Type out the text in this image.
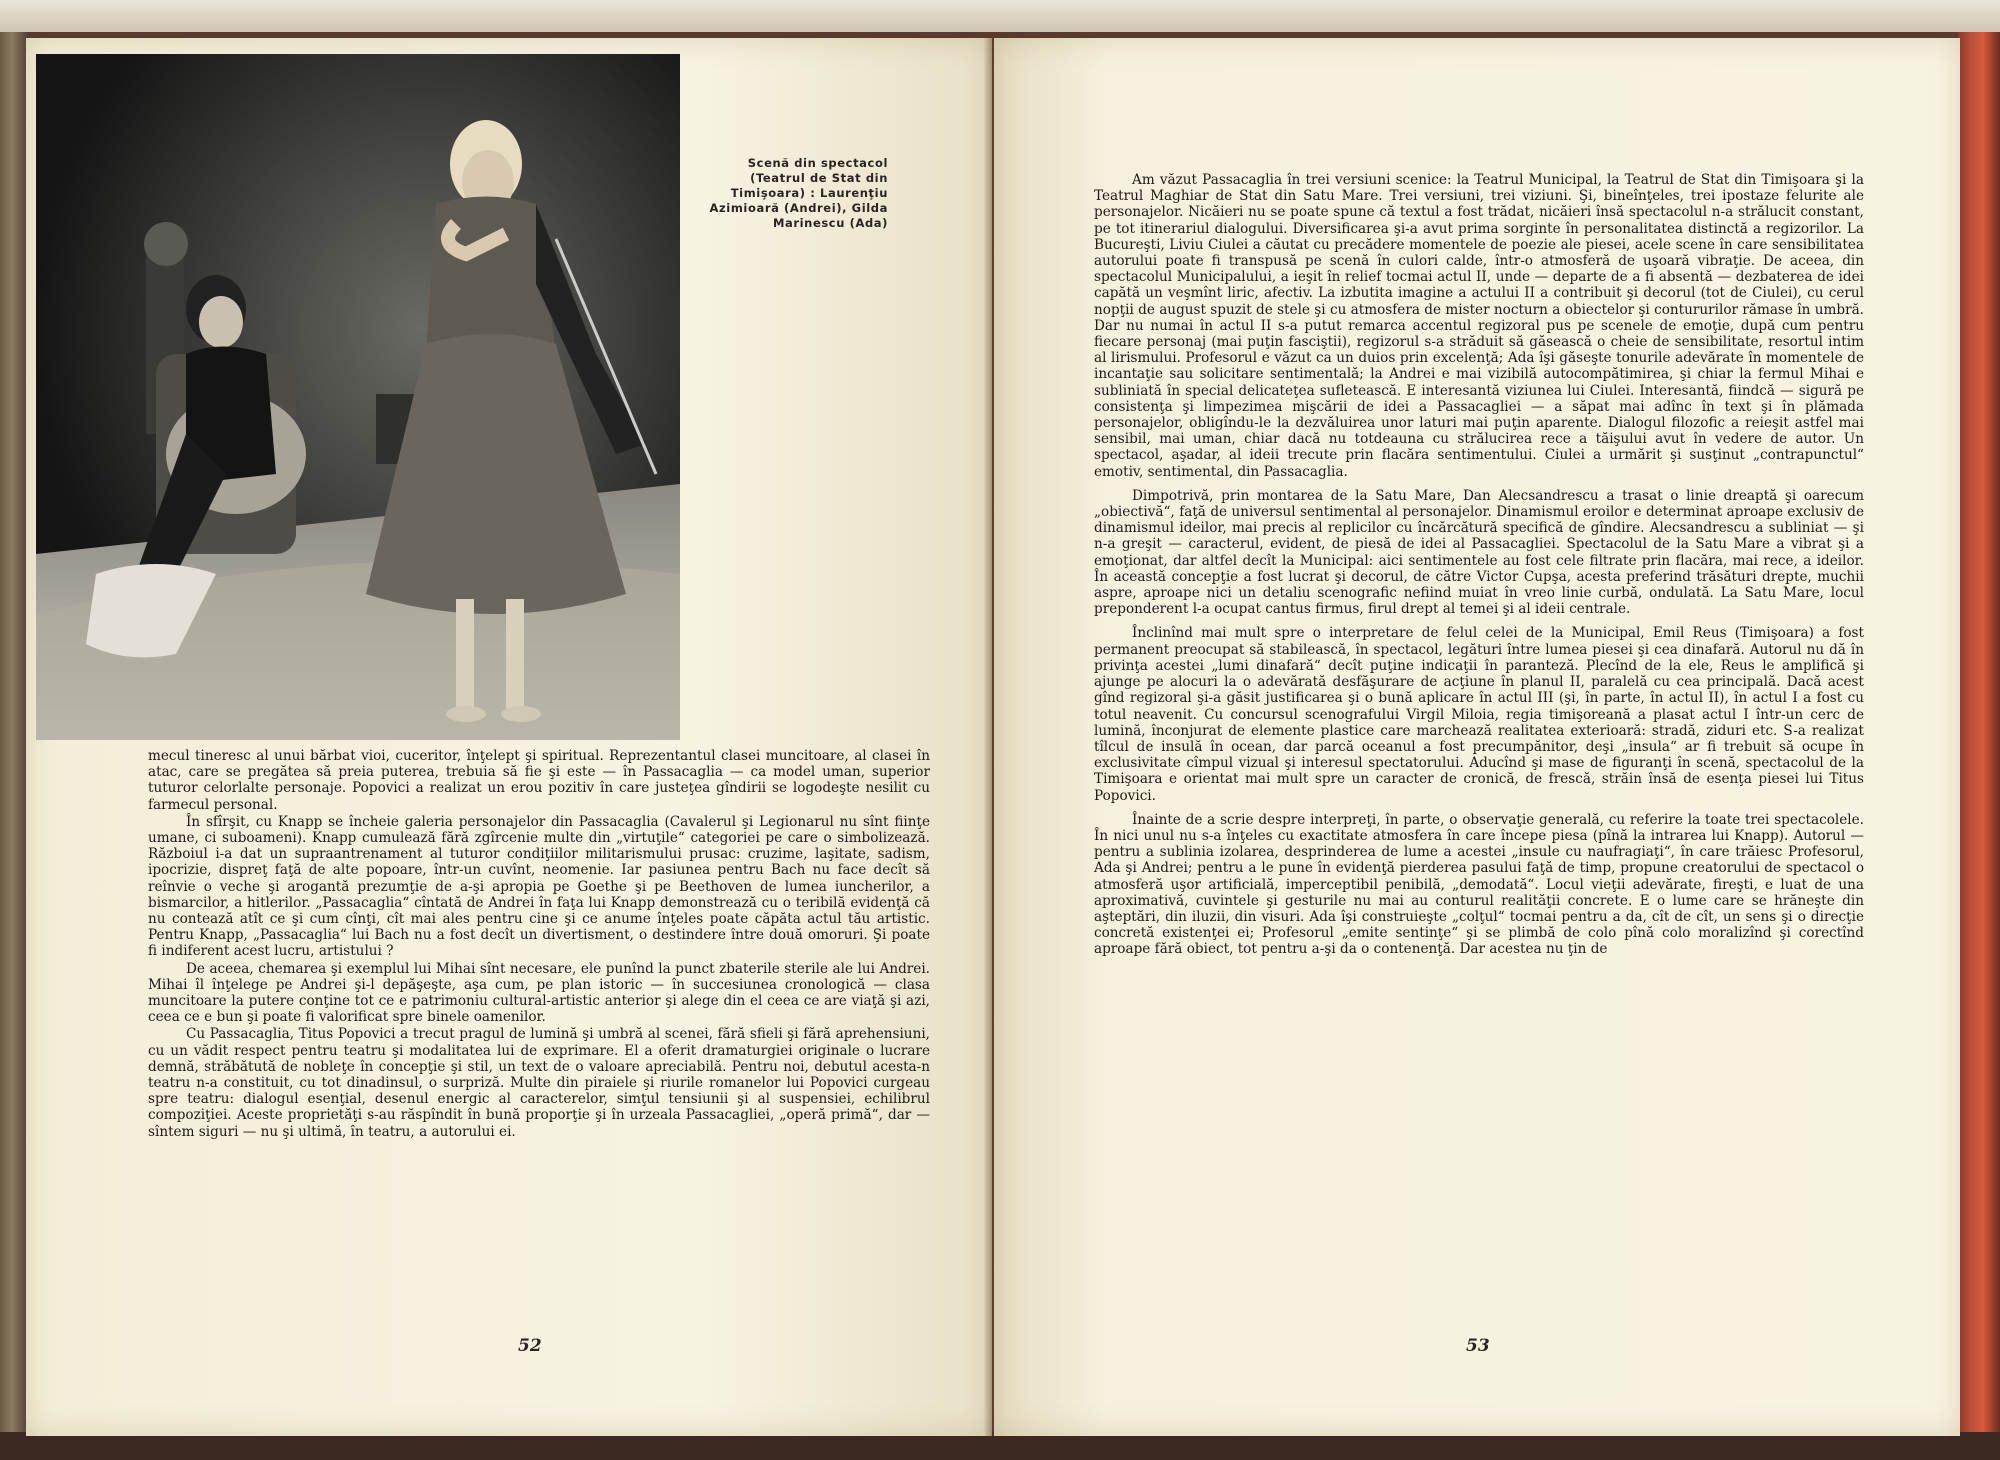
Scenă din spectacol (Teatrul de Stat din Timişoara) : Laurenţiu Azimioară (Andrei), Gilda Marinescu (Ada)

mecul tineresc al unui bărbat vioi, cuceritor, înţelept şi spiritual. Reprezentantul clasei muncitoare, al clasei în atac, care se pregătea să preia puterea, trebuia să fie şi este — în Passacaglia — ca model uman, superior tuturor celorlalte personaje. Popovici a realizat un erou pozitiv în care justeţea gîndirii se logodeşte nesilit cu farmecul personal.

În sfîrşit, cu Knapp se încheie galeria personajelor din Passacaglia (Cavalerul şi Legionarul nu sînt fiinţe umane, ci suboameni). Knapp cumulează fără zgîrcenie multe din „virtuţile“ categoriei pe care o simbolizează. Războiul i-a dat un supraantrenament al tuturor condiţiilor militarismului prusac: cruzime, laşitate, sadism, ipocrizie, dispreţ faţă de alte popoare, într-un cuvînt, neomenie. Iar pasiunea pentru Bach nu face decît să reînvie o veche şi arogantă prezumţie de a-şi apropia pe Goethe şi pe Beethoven de lumea iuncherilor, a bismarcilor, a hitlerilor. „Passacaglia“ cîntată de Andrei în faţa lui Knapp demonstrează cu o teribilă evidenţă că nu contează atît ce şi cum cînţi, cît mai ales pentru cine şi ce anume înţeles poate căpăta actul tău artistic. Pentru Knapp, „Passacaglia“ lui Bach nu a fost decît un divertisment, o destindere între două omoruri. Şi poate fi indiferent acest lucru, artistului ?

De aceea, chemarea şi exemplul lui Mihai sînt necesare, ele punînd la punct zbaterile sterile ale lui Andrei. Mihai îl înţelege pe Andrei şi-l depăşeşte, aşa cum, pe plan istoric — în succesiunea cronologică — clasa muncitoare la putere conţine tot ce e patrimoniu cultural-artistic anterior şi alege din el ceea ce are viaţă şi azi, ceea ce e bun şi poate fi valorificat spre binele oamenilor.

Cu Passacaglia, Titus Popovici a trecut pragul de lumină şi umbră al scenei, fără sfieli şi fără aprehensiuni, cu un vădit respect pentru teatru şi modalitatea lui de exprimare. El a oferit dramaturgiei originale o lucrare demnă, străbătută de nobleţe în concepţie şi stil, un text de o valoare apreciabilă. Pentru noi, debutul acesta-n teatru n-a constituit, cu tot dinadinsul, o surpriză. Multe din piraiele şi riurile romanelor lui Popovici curgeau spre teatru: dialogul esenţial, desenul energic al caracterelor, simţul tensiunii şi al suspensiei, echilibrul compoziţiei. Aceste proprietăţi s-au răspîndit în bună proporţie şi în urzeala Passacagliei, „operă primă“, dar — sîntem siguri — nu şi ultimă, în teatru, a autorului ei.

52

Am văzut Passacaglia în trei versiuni scenice: la Teatrul Municipal, la Teatrul de Stat din Timişoara şi la Teatrul Maghiar de Stat din Satu Mare. Trei versiuni, trei viziuni. Şi, bineînţeles, trei ipostaze felurite ale personajelor. Nicăieri nu se poate spune că textul a fost trădat, nicăieri însă spectacolul n-a strălucit constant, pe tot itinerariul dialogului. Diversificarea şi-a avut prima sorginte în personalitatea distinctă a regizorilor. La Bucureşti, Liviu Ciulei a căutat cu precădere momentele de poezie ale piesei, acele scene în care sensibilitatea autorului poate fi transpusă pe scenă în culori calde, într-o atmosferă de uşoară vibraţie. De aceea, din spectacolul Municipalului, a ieşit în relief tocmai actul II, unde — departe de a fi absentă — dezbaterea de idei capătă un veşmînt liric, afectiv. La izbutita imagine a actului II a contribuit şi decorul (tot de Ciulei), cu cerul nopţii de august spuzit de stele şi cu atmosfera de mister nocturn a obiectelor şi contururilor rămase în umbră. Dar nu numai în actul II s-a putut remarca accentul regizoral pus pe scenele de emoţie, după cum pentru fiecare personaj (mai puţin fasciştii), regizorul s-a străduit să găsească o cheie de sensibilitate, resortul intim al lirismului. Profesorul e văzut ca un duios prin excelenţă; Ada îşi găseşte tonurile adevărate în momentele de incantaţie sau solicitare sentimentală; la Andrei e mai vizibilă autocompătimirea, şi chiar la fermul Mihai e subliniată în special delicateţea sufletească. E interesantă viziunea lui Ciulei. Interesantă, fiindcă — sigură pe consistenţa şi limpezimea mişcării de idei a Passacagliei — a săpat mai adînc în text şi în plămada personajelor, obligîndu-le la dezvăluirea unor laturi mai puţin aparente. Dialogul filozofic a reieşit astfel mai sensibil, mai uman, chiar dacă nu totdeauna cu strălucirea rece a tăişului avut în vedere de autor. Un spectacol, aşadar, al ideii trecute prin flacăra sentimentului. Ciulei a urmărit şi susţinut „contrapunctul“ emotiv, sentimental, din Passacaglia.

Dimpotrivă, prin montarea de la Satu Mare, Dan Alecsandrescu a trasat o linie dreaptă şi oarecum „obiectivă“, faţă de universul sentimental al personajelor. Dinamismul eroilor e determinat aproape exclusiv de dinamismul ideilor, mai precis al replicilor cu încărcătură specifică de gîndire. Alecsandrescu a subliniat — şi n-a greşit — caracterul, evident, de piesă de idei al Passacagliei. Spectacolul de la Satu Mare a vibrat şi a emoţionat, dar altfel decît la Municipal: aici sentimentele au fost cele filtrate prin flacăra, mai rece, a ideilor. În această concepţie a fost lucrat şi decorul, de către Victor Cupşa, acesta preferind trăsături drepte, muchii aspre, aproape nici un detaliu scenografic nefiind muiat în vreo linie curbă, ondulată. La Satu Mare, locul preponderent l-a ocupat cantus firmus, firul drept al temei şi al ideii centrale.

Înclinînd mai mult spre o interpretare de felul celei de la Municipal, Emil Reus (Timişoara) a fost permanent preocupat să stabilească, în spectacol, legături între lumea piesei şi cea dinafară. Autorul nu dă în privinţa acestei „lumi dinafară“ decît puţine indicaţii în paranteză. Plecînd de la ele, Reus le amplifică şi ajunge pe alocuri la o adevărată desfăşurare de acţiune în planul II, paralelă cu cea principală. Dacă acest gînd regizoral şi-a găsit justificarea şi o bună aplicare în actul III (şi, în parte, în actul II), în actul I a fost cu totul neavenit. Cu concursul scenografului Virgil Miloia, regia timişoreană a plasat actul I într-un cerc de lumină, înconjurat de elemente plastice care marchează realitatea exterioară: stradă, ziduri etc. S-a realizat tîlcul de insulă în ocean, dar parcă oceanul a fost precumpănitor, deşi „insula“ ar fi trebuit să ocupe în exclusivitate cîmpul vizual şi interesul spectatorului. Aducînd şi mase de figuranţi în scenă, spectacolul de la Timişoara e orientat mai mult spre un caracter de cronică, de frescă, străin însă de esenţa piesei lui Titus Popovici.

Înainte de a scrie despre interpreţi, în parte, o observaţie generală, cu referire la toate trei spectacolele. În nici unul nu s-a înţeles cu exactitate atmosfera în care începe piesa (pînă la intrarea lui Knapp). Autorul — pentru a sublinia izolarea, desprinderea de lume a acestei „insule cu naufragiaţi“, în care trăiesc Profesorul, Ada şi Andrei; pentru a le pune în evidenţă pierderea pasului faţă de timp, propune creatorului de spectacol o atmosferă uşor artificială, imperceptibil penibilă, „demodată“. Locul vieţii adevărate, fireşti, e luat de una aproximativă, cuvintele şi gesturile nu mai au conturul realităţii concrete. E o lume care se hrăneşte din aşteptări, din iluzii, din visuri. Ada îşi construieşte „colţul“ tocmai pentru a da, cît de cît, un sens şi o direcţie concretă existenţei ei; Profesorul „emite sentinţe“ şi se plimbă de colo pînă colo moralizînd şi corectînd aproape fără obiect, tot pentru a-şi da o contenenţă. Dar acestea nu ţin de

53
